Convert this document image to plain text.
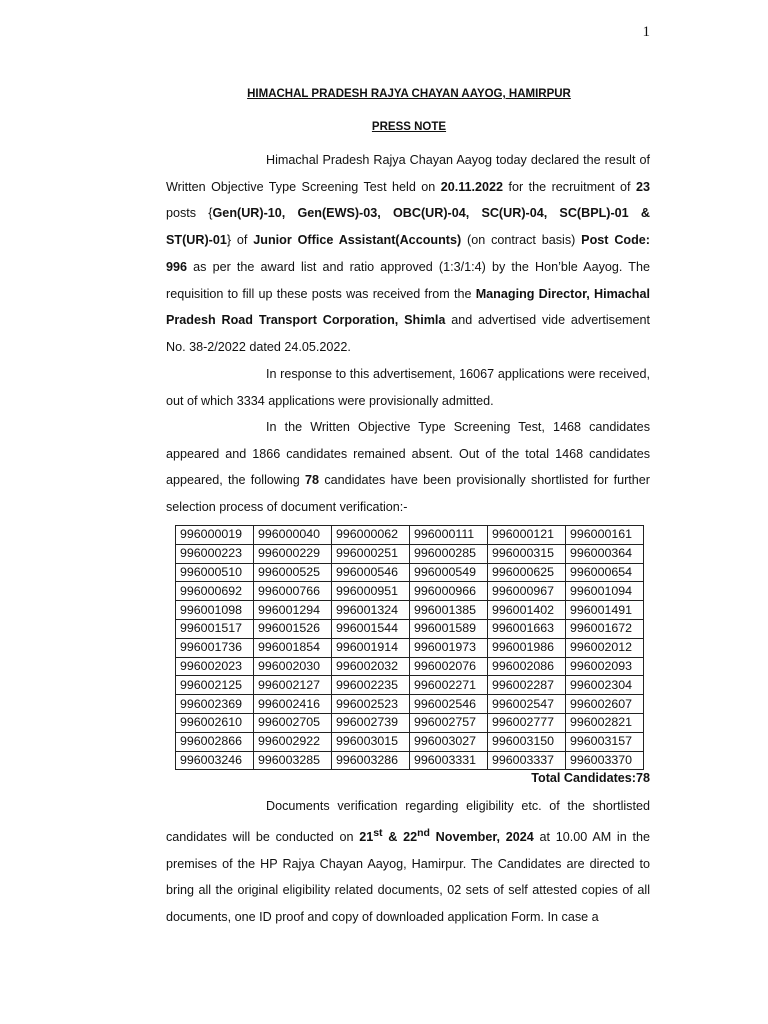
1
HIMACHAL PRADESH RAJYA CHAYAN AAYOG, HAMIRPUR
PRESS NOTE
Himachal Pradesh Rajya Chayan Aayog today declared the result of Written Objective Type Screening Test held on 20.11.2022 for the recruitment of 23 posts {Gen(UR)-10, Gen(EWS)-03, OBC(UR)-04, SC(UR)-04, SC(BPL)-01 & ST(UR)-01} of Junior Office Assistant(Accounts) (on contract basis) Post Code: 996 as per the award list and ratio approved (1:3/1:4) by the Hon’ble Aayog. The requisition to fill up these posts was received from the Managing Director, Himachal Pradesh Road Transport Corporation, Shimla and advertised vide advertisement No. 38-2/2022 dated 24.05.2022.
In response to this advertisement, 16067 applications were received, out of which 3334 applications were provisionally admitted.
In the Written Objective Type Screening Test, 1468 candidates appeared and 1866 candidates remained absent. Out of the total 1468 candidates appeared, the following 78 candidates have been provisionally shortlisted for further selection process of document verification:-
996000019	996000040	996000062	996000111	996000121	996000161
996000223	996000229	996000251	996000285	996000315	996000364
996000510	996000525	996000546	996000549	996000625	996000654
996000692	996000766	996000951	996000966	996000967	996001094
996001098	996001294	996001324	996001385	996001402	996001491
996001517	996001526	996001544	996001589	996001663	996001672
996001736	996001854	996001914	996001973	996001986	996002012
996002023	996002030	996002032	996002076	996002086	996002093
996002125	996002127	996002235	996002271	996002287	996002304
996002369	996002416	996002523	996002546	996002547	996002607
996002610	996002705	996002739	996002757	996002777	996002821
996002866	996002922	996003015	996003027	996003150	996003157
996003246	996003285	996003286	996003331	996003337	996003370
Total Candidates:78
Documents verification regarding eligibility etc. of the shortlisted candidates will be conducted on 21st & 22nd November, 2024 at 10.00 AM in the premises of the HP Rajya Chayan Aayog, Hamirpur. The Candidates are directed to bring all the original eligibility related documents, 02 sets of self attested copies of all documents, one ID proof and copy of downloaded application Form. In case a
